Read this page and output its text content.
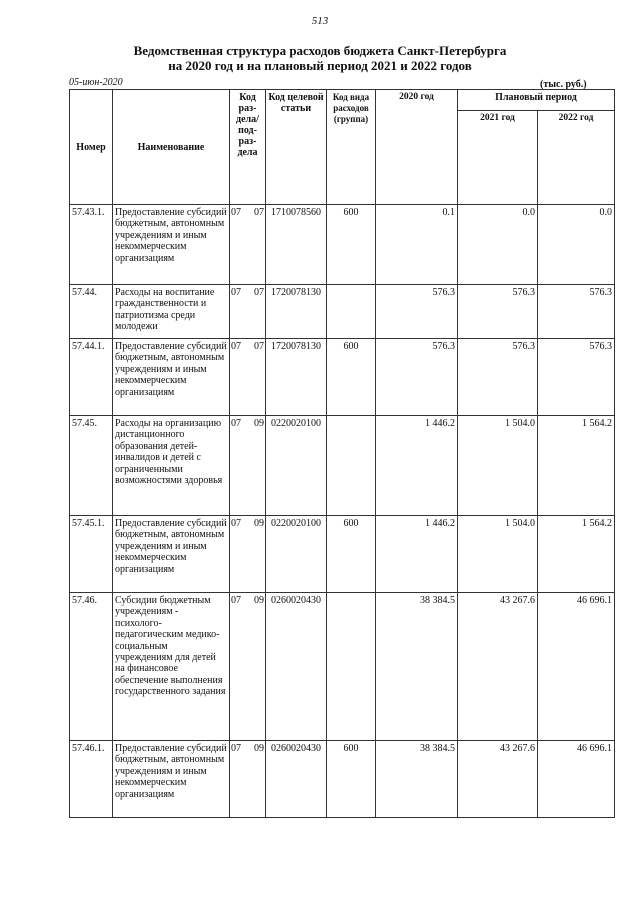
513
Ведомственная структура расходов бюджета Санкт-Петербурга
на 2020 год и на плановый период 2021 и 2022 годов
05-июн-2020	(тыс. руб.)
Номер	Наименование	Код раз- дела/ под- раз- дела	Код целевой статьи	Код вида расходов (группа)	2020 год	Плановый период	
						2021 год	2022 год
57.43.1.	Предоставление субсидий бюджетным, автономным учреждениям и иным некоммерческим организациям	07 07	1710078560	600	0.1	0.0	0.0
57.44.	Расходы на воспитание гражданственности и патриотизма среди молодежи	07 07	1720078130		576.3	576.3	576.3
57.44.1.	Предоставление субсидий бюджетным, автономным учреждениям и иным некоммерческим организациям	07 07	1720078130	600	576.3	576.3	576.3
57.45.	Расходы на организацию дистанционного образования детей-инвалидов и детей с ограниченными возможностями здоровья	07 09	0220020100		1 446.2	1 504.0	1 564.2
57.45.1.	Предоставление субсидий бюджетным, автономным учреждениям и иным некоммерческим организациям	07 09	0220020100	600	1 446.2	1 504.0	1 564.2
57.46.	Субсидии бюджетным учреждениям - психолого-педагогическим медико-социальным учреждениям для детей на финансовое обеспечение выполнения государственного задания	07 09	0260020430		38 384.5	43 267.6	46 696.1
57.46.1.	Предоставление субсидий бюджетным, автономным учреждениям и иным некоммерческим организациям	07 09	0260020430	600	38 384.5	43 267.6	46 696.1
